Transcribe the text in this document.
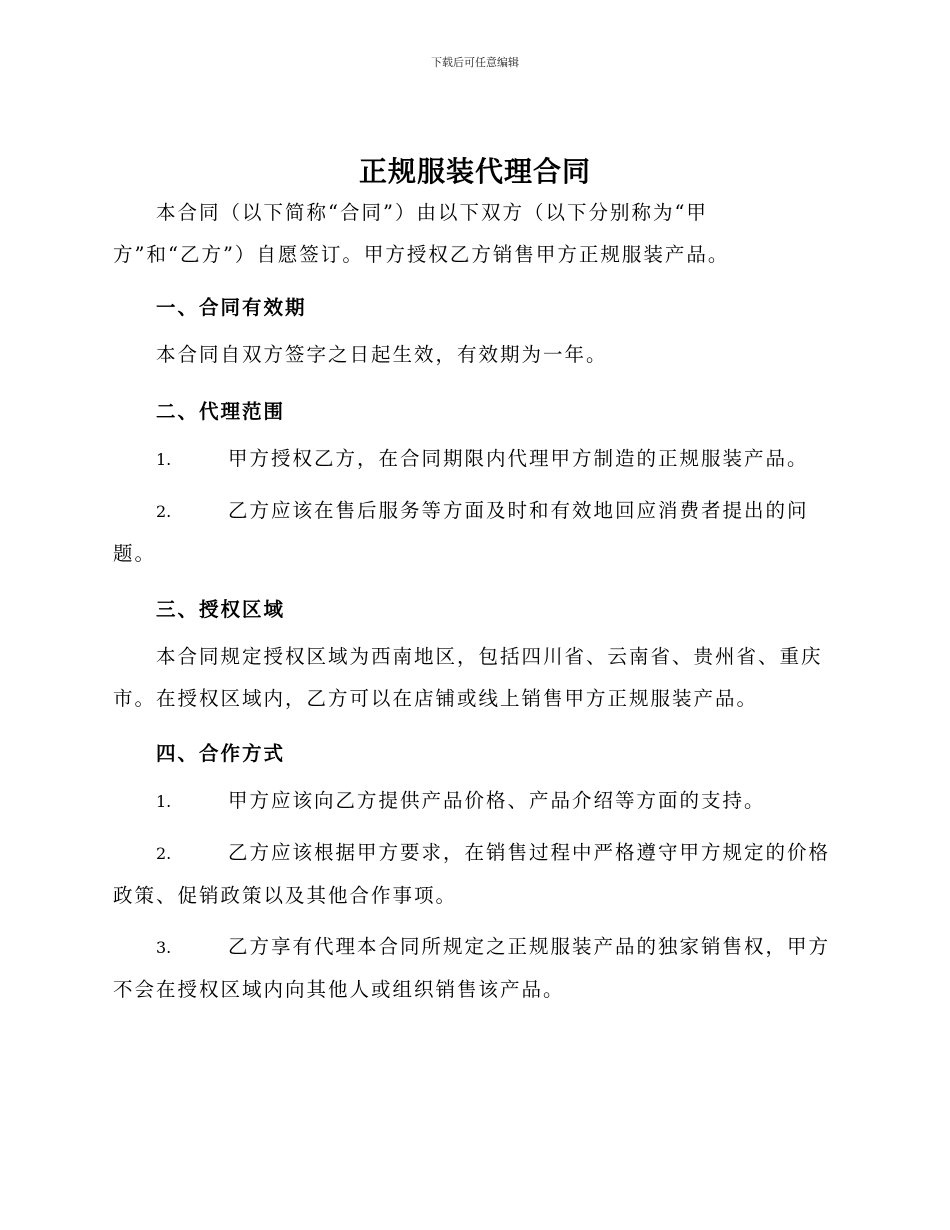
下载后可任意编辑
正规服装代理合同

本合同（以下简称“合同”）由以下双方（以下分别称为“甲方”和“乙方”）自愿签订。甲方授权乙方销售甲方正规服装产品。

一、合同有效期

本合同自双方签字之日起生效，有效期为一年。

二、代理范围

1.	甲方授权乙方，在合同期限内代理甲方制造的正规服装产品。

2.	乙方应该在售后服务等方面及时和有效地回应消费者提出的问题。

三、授权区域

本合同规定授权区域为西南地区，包括四川省、云南省、贵州省、重庆市。在授权区域内，乙方可以在店铺或线上销售甲方正规服装产品。

四、合作方式

1.	甲方应该向乙方提供产品价格、产品介绍等方面的支持。

2.	乙方应该根据甲方要求，在销售过程中严格遵守甲方规定的价格政策、促销政策以及其他合作事项。

3.	乙方享有代理本合同所规定之正规服装产品的独家销售权，甲方不会在授权区域内向其他人或组织销售该产品。
